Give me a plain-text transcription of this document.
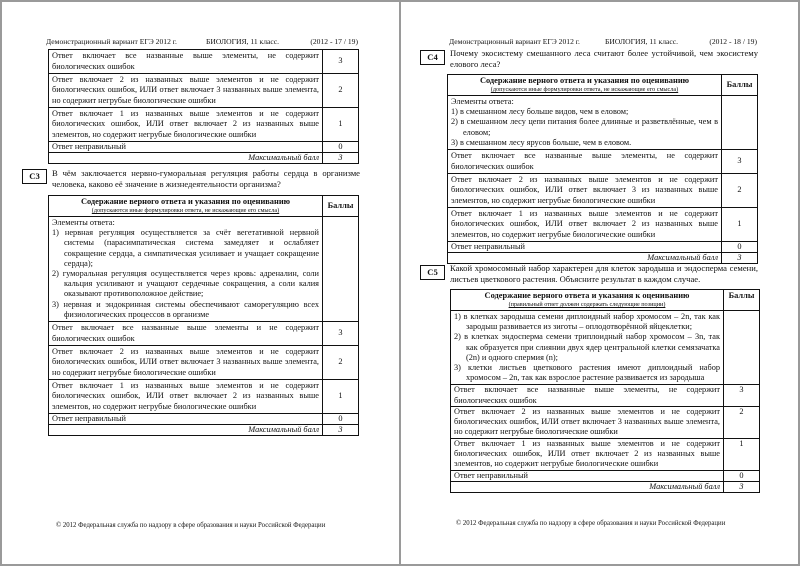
Демонстрационный вариант ЕГЭ 2012 г.	БИОЛОГИЯ, 11 класс.	(2012 - 17 / 19)
Ответ включает все названные выше элементы, не содержит биологических ошибок	3
Ответ включает 2 из названных выше элементов и не содержит биологических ошибок, ИЛИ ответ включает 3 названных выше элемента, но содержит негрубые биологические ошибки	2
Ответ включает 1 из названных выше элементов и не содержит биологических ошибок, ИЛИ ответ включает 2 из названных выше элементов, но содержит негрубые биологические ошибки	1
Ответ неправильный	0
Максимальный балл	3
C3	В чём заключается нервно-гуморальная регуляция работы сердца в организме человека, каково её значение в жизнедеятельности организма?
Содержание верного ответа и указания по оцениванию
(допускаются иные формулировки ответа, не искажающие его смысла)	Баллы

Элементы ответа:
1) нервная регуляция осуществляется за счёт вегетативной нервной системы (парасимпатическая система замедляет и ослабляет сокращение сердца, а симпатическая усиливает и учащает сокращение сердца);
2) гуморальная регуляция осуществляется через кровь: адреналин, соли кальция усиливают и учащают сердечные сокращения, а соли калия оказывают противоположное действие;
3) нервная и эндокринная системы обеспечивают саморегуляцию всех физиологических процессов в организме

Ответ включает все названные выше элементы и не содержит биологических ошибок	3
Ответ включает 2 из названных выше элементов и не содержит биологических ошибок, ИЛИ ответ включает 3 названных выше элемента, но содержит негрубые биологические ошибки	2
Ответ включает 1 из названных выше элементов и не содержит биологических ошибок, ИЛИ ответ включает 2 из названных выше элементов, но содержит негрубые биологические ошибки	1
Ответ неправильный	0
Максимальный балл	3
© 2012 Федеральная служба по надзору в сфере образования и науки Российской Федерации
Демонстрационный вариант ЕГЭ 2012 г.	БИОЛОГИЯ, 11 класс.	(2012 - 18 / 19)
C4	Почему экосистему смешанного леса считают более устойчивой, чем экосистему елового леса?
Содержание верного ответа и указания по оцениванию
(допускаются иные формулировки ответа, не искажающие его смысла)	Баллы

Элементы ответа:
1) в смешанном лесу больше видов, чем в еловом;
2) в смешанном лесу цепи питания более длинные и разветвлённые, чем в еловом;
3) в смешанном лесу ярусов больше, чем в еловом.

Ответ включает все названные выше элементы, не содержит биологических ошибок	3
Ответ включает 2 из названных выше элементов и не содержит биологических ошибок, ИЛИ ответ включает 3 из названных выше элементов, но содержит негрубые биологические ошибки	2
Ответ включает 1 из названных выше элементов и не содержит биологических ошибок, ИЛИ ответ включает 2 из названных выше элементов, но содержит негрубые биологические ошибки	1
Ответ неправильный	0
Максимальный балл	3
C5	Какой хромосомный набор характерен для клеток зародыша и эндосперма семени, листьев цветкового растения. Объясните результат в каждом случае.
Содержание верного ответа и указания к оцениванию
(правильный ответ должен содержать следующие позиции)	Баллы

1) в клетках зародыша семени диплоидный набор хромосом – 2n, так как зародыш развивается из зиготы – оплодотворённой яйцеклетки;
2) в клетках эндосперма семени триплоидный набор хромосом – 3n, так как образуется при слиянии двух ядер центральной клетки семязачатка (2n) и одного спермия (n);
3) клетки листьев цветкового растения имеют диплоидный набор хромосом – 2n, так как взрослое растение развивается из зародыша

Ответ включает все названные выше элементы, не содержит биологических ошибок	3
Ответ включает 2 из названных выше элементов и не содержит биологических ошибок, ИЛИ ответ включает 3 названных выше элемента, но содержит негрубые биологические ошибки	2
Ответ включает 1 из названных выше элементов и не содержит биологических ошибок, ИЛИ ответ включает 2 из названных выше элементов, но содержит негрубые биологические ошибки	1
Ответ неправильный	0
Максимальный балл	3
© 2012 Федеральная служба по надзору в сфере образования и науки Российской Федерации
